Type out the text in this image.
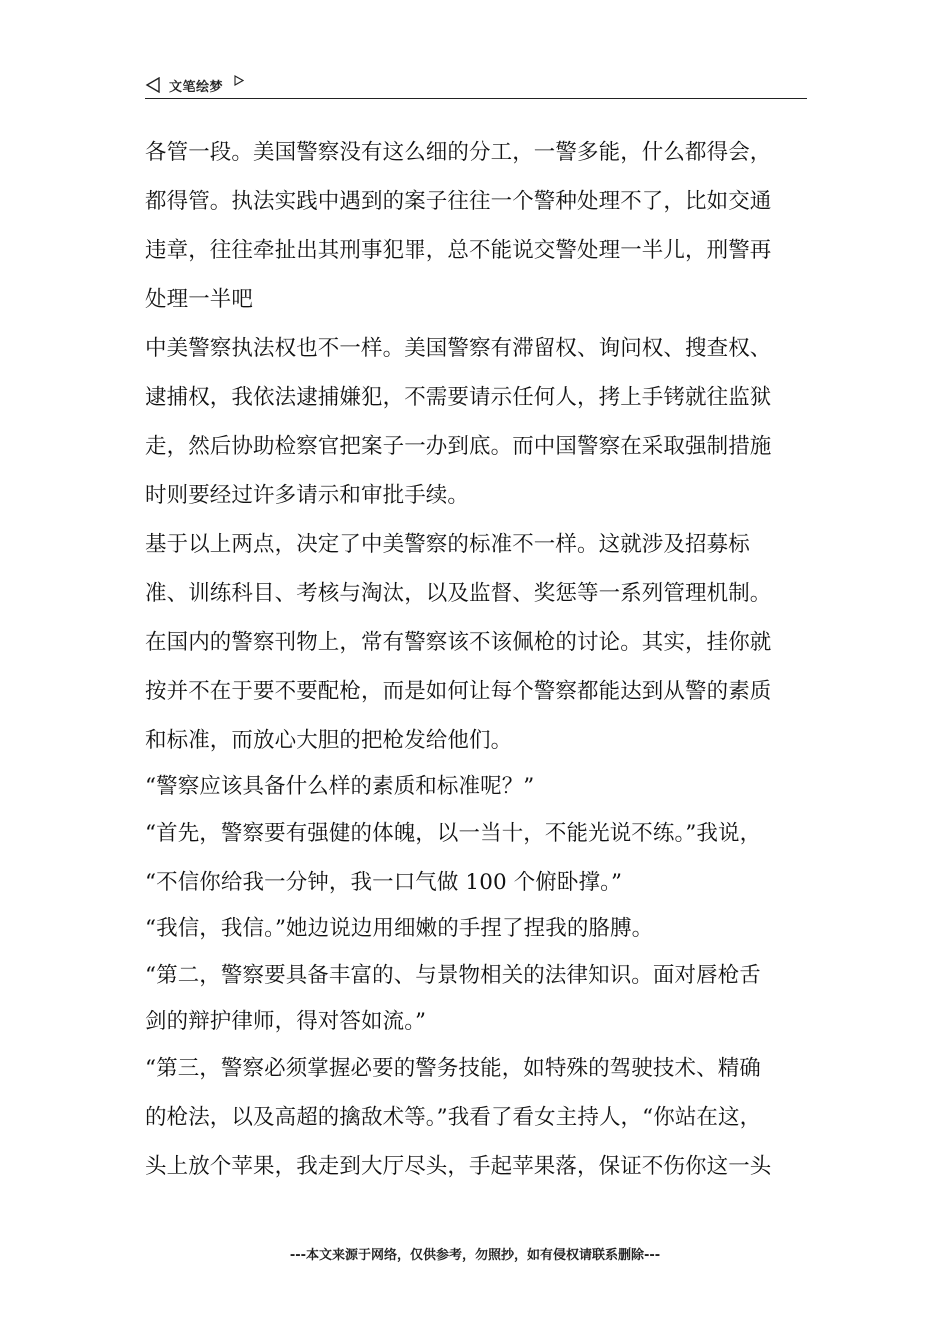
文笔绘梦
各管一段。美国警察没有这么细的分工，一警多能，什么都得会，
都得管。执法实践中遇到的案子往往一个警种处理不了，比如交通
违章，往往牵扯出其刑事犯罪，总不能说交警处理一半儿，刑警再
处理一半吧
中美警察执法权也不一样。美国警察有滞留权、询问权、搜查权、
逮捕权，我依法逮捕嫌犯，不需要请示任何人，拷上手铐就往监狱
走，然后协助检察官把案子一办到底。而中国警察在采取强制措施
时则要经过许多请示和审批手续。
基于以上两点，决定了中美警察的标准不一样。这就涉及招募标
准、训练科目、考核与淘汰，以及监督、奖惩等一系列管理机制。
在国内的警察刊物上，常有警察该不该佩枪的讨论。其实，挂你就
按并不在于要不要配枪，而是如何让每个警察都能达到从警的素质
和标准，而放心大胆的把枪发给他们。
“警察应该具备什么样的素质和标准呢？”
“首先，警察要有强健的体魄，以一当十，不能光说不练。”我说，
“不信你给我一分钟，我一口气做 100 个俯卧撑。”
“我信，我信。”她边说边用细嫩的手捏了捏我的胳膊。
“第二，警察要具备丰富的、与景物相关的法律知识。面对唇枪舌
剑的辩护律师，得对答如流。”
“第三，警察必须掌握必要的警务技能，如特殊的驾驶技术、精确
的枪法，以及高超的擒敌术等。”我看了看女主持人，“你站在这，
头上放个苹果，我走到大厅尽头，手起苹果落，保证不伤你这一头
---本文来源于网络，仅供参考，勿照抄，如有侵权请联系删除---
